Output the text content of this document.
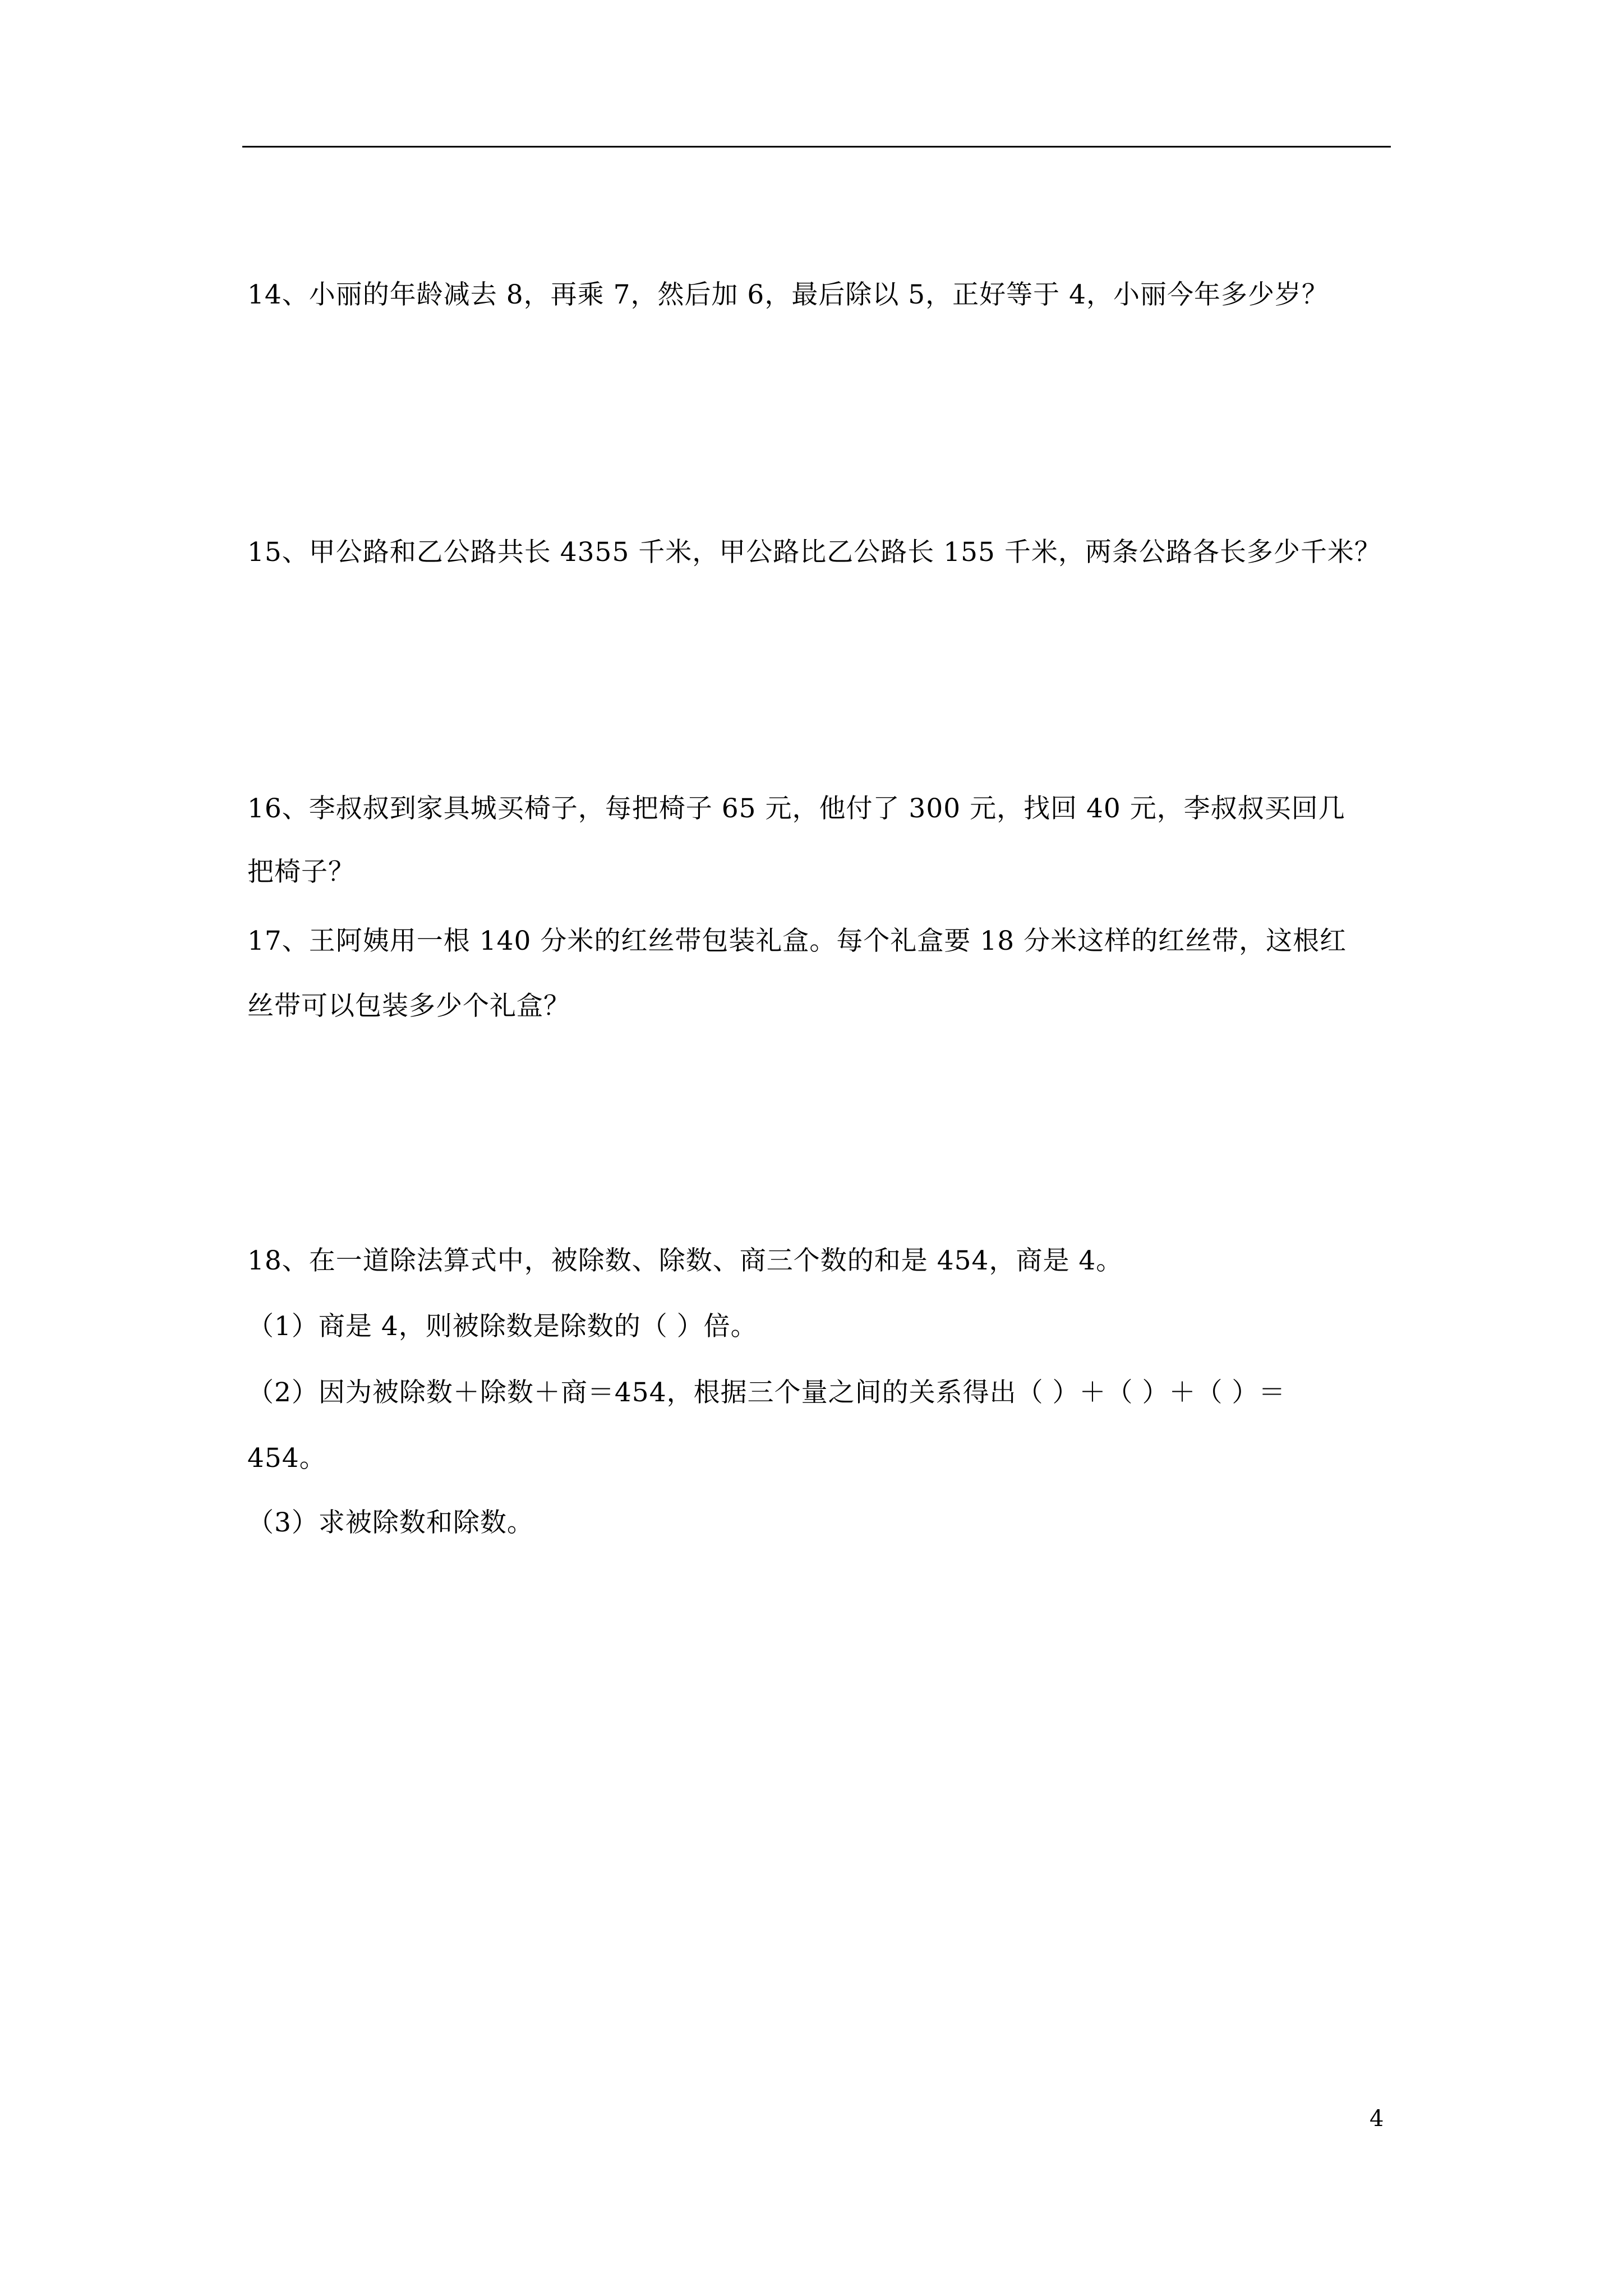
14、小丽的年龄减去 8，再乘 7，然后加 6，最后除以 5，正好等于 4，小丽今年多少岁？
15、甲公路和乙公路共长 4355 千米，甲公路比乙公路长 155 千米，两条公路各长多少千米？
16、李叔叔到家具城买椅子，每把椅子 65 元，他付了 300 元，找回 40 元，李叔叔买回几
把椅子？
17、王阿姨用一根 140 分米的红丝带包装礼盒。每个礼盒要 18 分米这样的红丝带，这根红
丝带可以包装多少个礼盒？
18、在一道除法算式中，被除数、除数、商三个数的和是 454，商是 4。
（1）商是 4，则被除数是除数的（ ）倍。
（2）因为被除数＋除数＋商＝454，根据三个量之间的关系得出（ ）＋（ ）＋（ ）＝
454。
（3）求被除数和除数。
4
